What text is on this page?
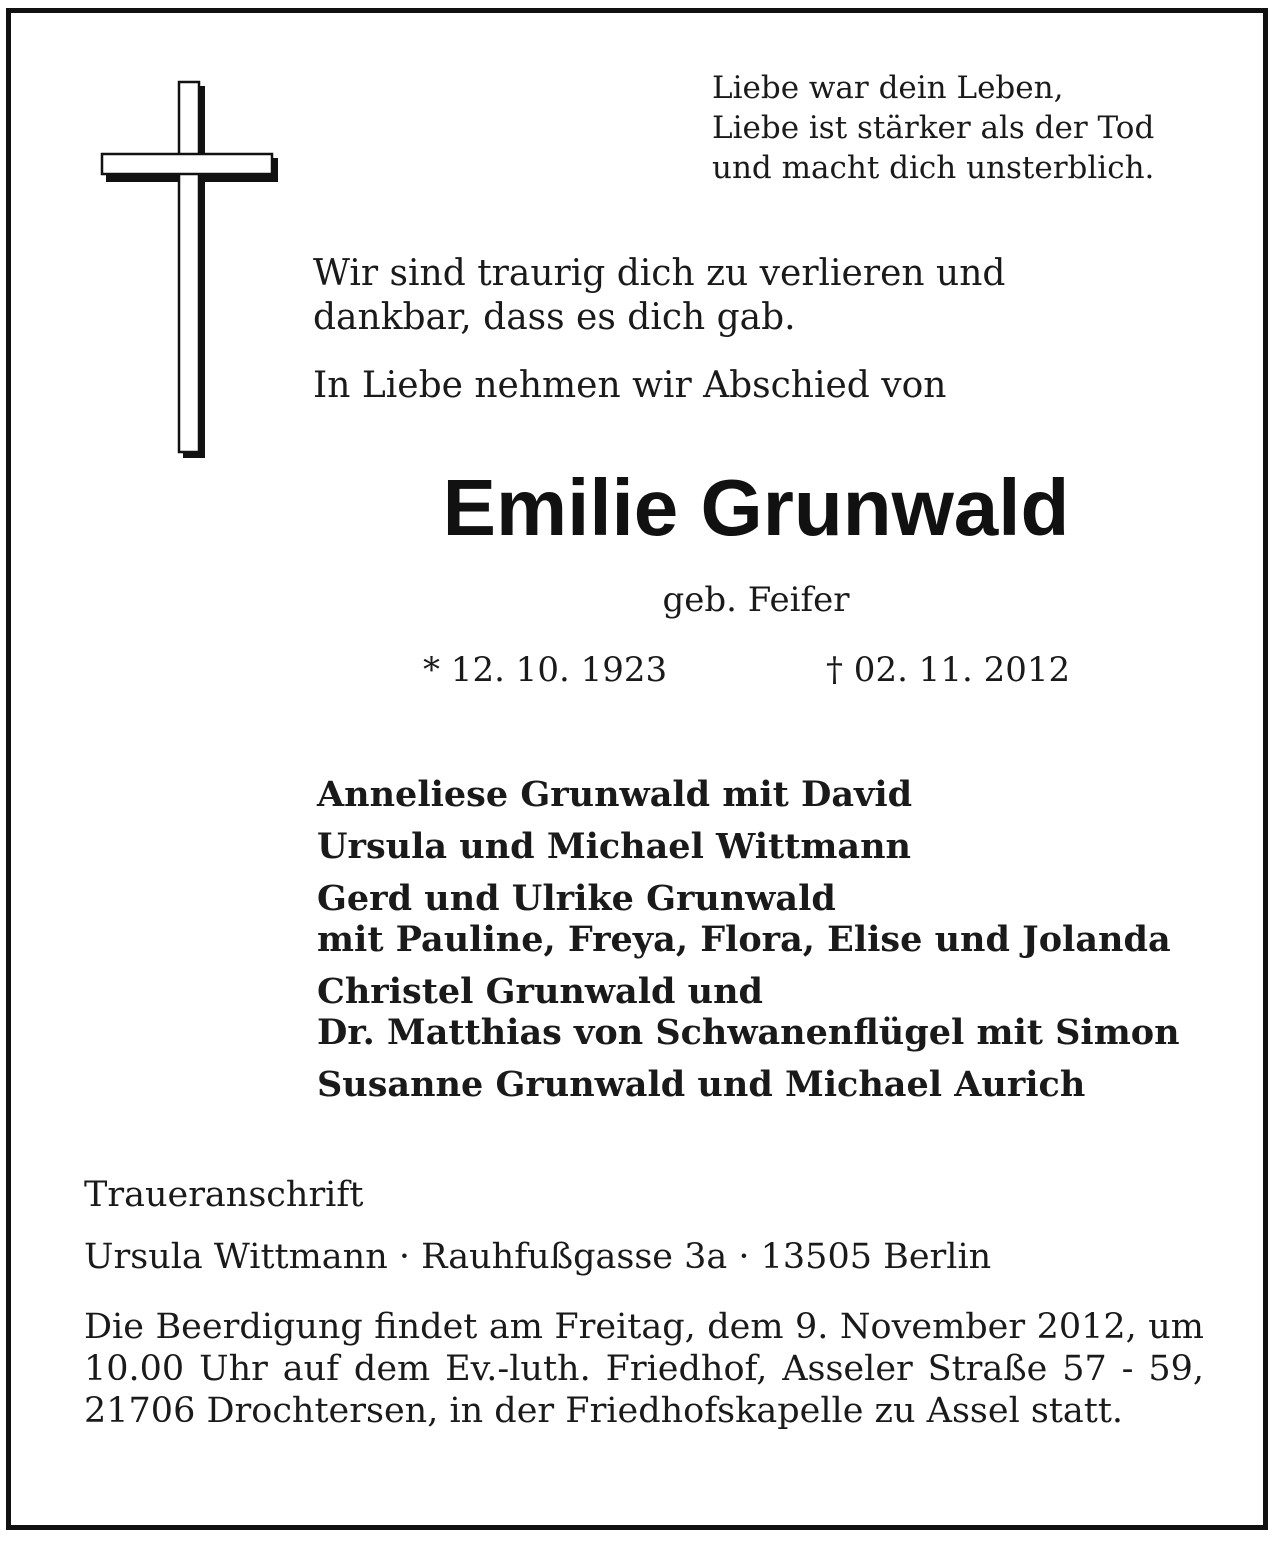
Liebe war dein Leben,
Liebe ist stärker als der Tod
und macht dich unsterblich.
Wir sind traurig dich zu verlieren und
dankbar, dass es dich gab.
In Liebe nehmen wir Abschied von
Emilie Grunwald
geb. Feifer
* 12. 10. 1923	† 02. 11. 2012
Anneliese Grunwald mit David
Ursula und Michael Wittmann
Gerd und Ulrike Grunwald
mit Pauline, Freya, Flora, Elise und Jolanda
Christel Grunwald und
Dr. Matthias von Schwanenflügel mit Simon
Susanne Grunwald und Michael Aurich
Traueranschrift
Ursula Wittmann · Rauhfußgasse 3a · 13505 Berlin
Die Beerdigung findet am Freitag, dem 9. November 2012, um 10.00 Uhr auf dem Ev.-luth. Friedhof, Asseler Straße 57 - 59, 21706 Drochtersen, in der Friedhofskapelle zu Assel statt.
